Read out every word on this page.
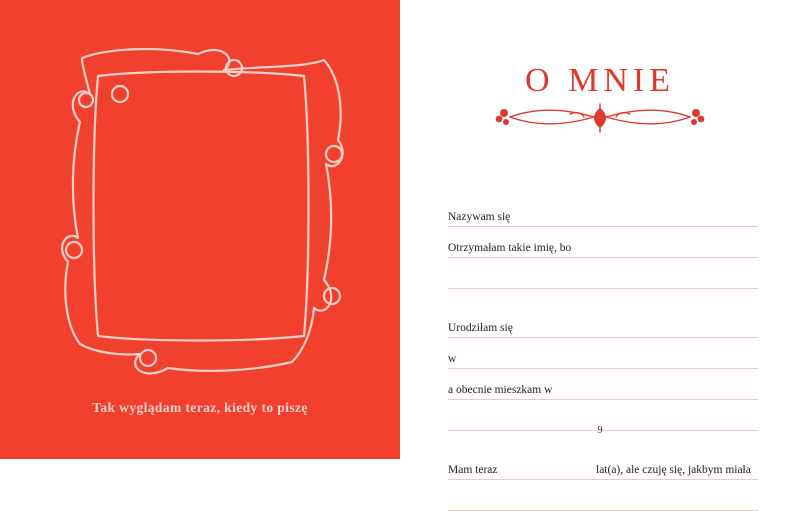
Tak wyglądam teraz, kiedy to piszę
O MNIE
Nazywam się
Otrzymałam takie imię, bo
Urodziłam się
w
a obecnie mieszkam w
Mam teraz	lat(a), ale czuję się, jakbym miała
9
